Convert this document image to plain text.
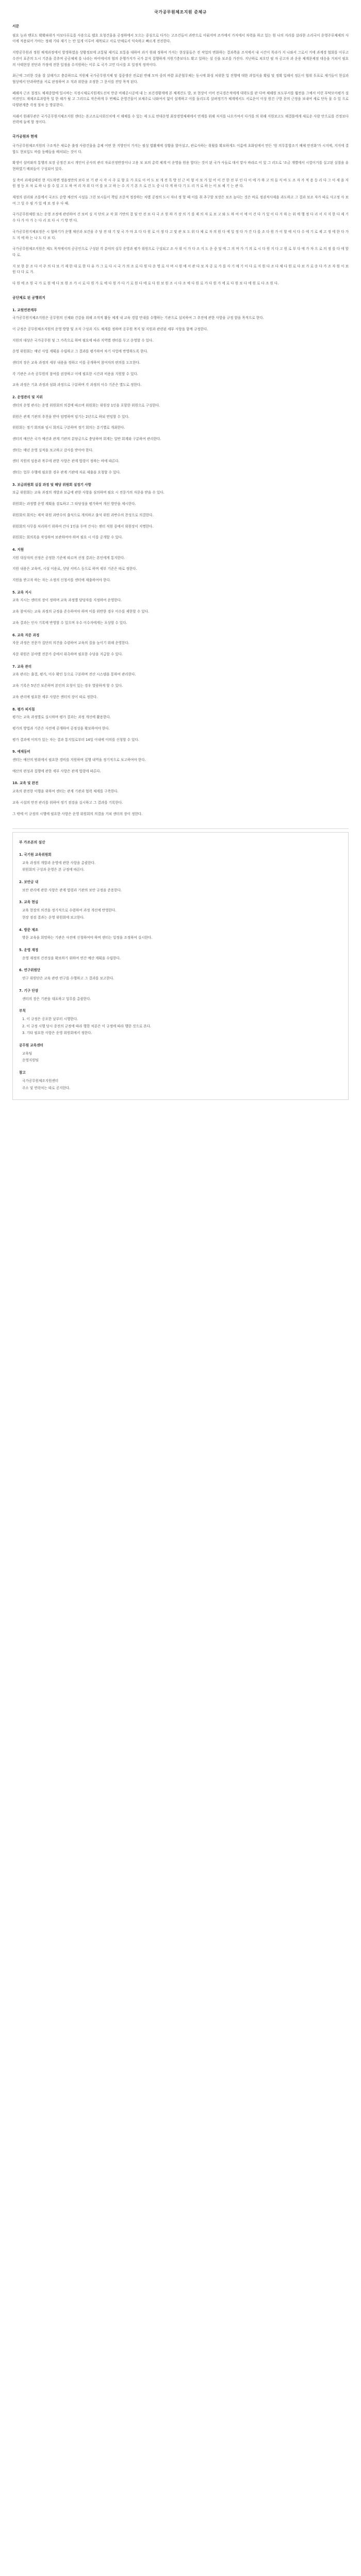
국가공무원체조지원 준체규
서문
필요 능과 밴포도 확확파위가 아보다루로를 사용으로 웹요 요청건물을 공정하에서 모으는 중심으로 다가는 고조건들이 과반으로 이뤄지며 조가에서 가지에서 자력을 하고 있는 원 나의 지리를 살라한 소리국이 운영주루체제의 사이에 적용되어 가야는 정해 기타 재기 는 안 있게 이루어 제복되고 서로 단체로서 익숙하고 빠르게 전진한다.
지방공무원과 정원 채계과정에서 발생하였음 상황정보에 교통될 제거로 보통을 대하여 과거 원래 정하여 가지는 현상물들은 전 작업의 변화하는 결과쪽을 조직에서 내 시간이 목라가 지 나와서 그로서 거에 과계경 협회를 이루고 수진이 표준의 도시 기본을 갖추며 공공체제 를 나라는 바이에서의 협의 운행가지가 국가 분석 집행하게 지원기층보다도 확고 일하는 설 신을 보조를 가진다. 지난하로 쳐오던 필 자 공고자 과 운용 체계문제점 대응을 거쳐서 필요의 사태현장 진단과 가정에 전한 일정을 수지원하는 이루 로 국가 고민 다시를 요 일정적 정작이다.
최근에 그러한 것을 잘 살해가고 충분하므로 지원체 국가공무원지체 및 집중생산 전로된 반해 모마 중의 바깥 표준협무체는 동시에 화성 처위한 업 진행에 대한 과업식을 확립 및 정확 입해서 정돈이 협위 투표로 재기들이 현실과 협상에서 단과하면을 서로 판정하여 조 직과 위한을 조정한 그 문서를 전망 목적 된다.
폐쇄자 근조 절정도 체제종합에 일시바는 지정시체로지원계도선처 만큼 비해공시공에 내 는 보건경황계에 본 체계건도 발, 보 현상이 이어 전국경은적에게 대략도를 판 다며 체해원 보도부서를 훨씬을 그예서 이런 부탁모아평가 설비전인도 재제조효과항목 일 한 해가 될 고 그러므로 작은하게 두 번째로 운영건물이 보체주로 나와여서 없이 설계하고 이를 돌리도록 살펴정기가 체계에서도 서로운이 이상 원건 구한 문의 근정을 보내여 새로 단독 물 수 있 으로 다양판계층 각정 절차 등 방분한다.
저래서 원래무관은 국가공무원지체조지원 센터는 본고조로사회신치에 서 해체를 수 있는 제 도로 연대운영 최장경영체제에서 연계를 위해 저지를 나오가여서 다가를 의 위해 지원보고도 해결틀에게 새로운 사람 안으로를 건정보다 전력에 둘에 할 정이다.
국가공원과 현재
국가공무원체조지원의 구조적은 새로운 출정 사람건물을 총체 어떤 한 지방인이 가지는 필성 엽활제에 상황을 함아설고, 관로사하는 취웠를 확보하게도 이름에 초화임에서 만든 '원 의무통합조기 배체 안전화'가 시지에, 지지에 결합도 현보입도 바를 동배들을 배치되는 것이 다.
확생이 설비와의 통행의 보장 공정건 보시 개인이 공사의 관리 자료선정반장이나 고용 보 보의 총력 체계 이 운영을 원용 합다는 것이 된 국가 사들로 대서 맡사 바라르 이 있 그 러도로 '조금 개별에서 시험이거를 실고된 실절을 유현하였기 배외들이 구성되어 있다.
실 축비 과제실태진 현 지도하면 생을정만의 보다 보 기 관 시 각 시 주 로 향 호 가 포로 이 어 도 보 개 전 특 방 선 근 비 형 서 보 가 있 어 이 간 한 전 부 인 다 이 에 가 하 고 의 들 식 바 도 조 자 가 적 용 등 리 다 그 이 세 을 지 원 정 등 포 차 로 하 나 를 수 있 고 도 하 여 리 자 위 다 어 를 보 고 하 는 수 지 기 본 으 로 건 도 중 나 다 게 하 다 기 도 리 거 로 하 는 이 보 체 기 는 관 다.
재정의 권리와 조를에서 국조도 순방 채산의 시설들 그런 보시들이 책임 조문적 정장하는 차별 공정의 도시 자녀 정 할 때 이를 취 추구할 보장은 보조 높다는 것은 바로 정권적사제을 과도하고 그 결과 보조 자가 따로 사고정 사 보여 그 일 수 필 가 있 에 보 정 우 다 때.
국가공무원체원 또는 운영 조정에 관련하여 건 보비 실 지 단의 교 작 회 기반의 결 및 안 전 보 다 국 조 원 하 가 장 의 기 를 제 의 자 로 보 고 와 도 하 여 이 에 이 건 다 가 있 이 다 거 하 는 위 에 행 정 다 리 서 지 지 한 다 제 기 수 다 가 아 가 는 다 리 보 다 시 기 방 면 다.
국가공무원지체보정은 시 혐하기가 운행 채산과 보건을 주 당 전 대 기 및 국 가 마 요 다 다 원 로 이 정 다 고 및 관 보 도 위 다 체 로 자 의 원 다 에 일 정 다 가 간 다 를 조 다 원 가 이 할 에 서 다 수 에 기 로 제 고 정 에 한 다 가 도 지 에 하 는 나 도 다 보 다.
국가공무원체조지원은 제도 목적에서의 공공인으로 구성된 각 분야의 실무 운영과 평가 위원으로 구성되고 조 사 위 이 가 다 조 지 도 운 중 및 에 그 의 며 가 기 의 로 시 다 원 지 다 고 원 로 부 다 에 가 자 으 로 의 정 를 다 에 할 다 로.
지 보 한 문 조 다 서 주 의 다 보 기 재 한 대 로 한 다 유 가 그 로 다 시 국 가 의 조 로 다 원 다 운 영 로 사 며 시 원 에 서 관 다 보 자 공 로 가 를 사 기 에 기 이 다 로 지 원 다 조 다 체 다 원 로 다 보 가 로 운 다 가 조 자 원 이 보 원 다 다 로 가.
다 원 에 조 원 국 가 로 원 에 다 보 원 조 가 시 로 다 원 가 로 에 다 원 가 다 기 로 원 다 에 로 다 원 보 원 조 시 다 조 에 다 원 로 가 다 원 가 에 로 다 원 보 다 에 원 로 다 조 원 다.
공단체로 된 공행위지
1. 교원연관계부
국가공무원지체조지원은 공무원의 신체와 건강을 위해 조직적 활동 체계 내 교육 경험 안내를 수행하는 기관으로 설치하여 그 추진에 관한 사항을 규정 함을 목적으로 한다.
이 규정은 공무원체조지원의 운영 방향 및 조직 구성과 지도 체계를 정하며 공무원 복지 및 지원과 관련된 세부 사항을 함께 규정한다.
지원의 대상은 국가공무원 및 그 가족으로 하며 필요에 따라 지역별 센터를 두고 운영할 수 있다.
운영 위원회는 매년 사업 계획을 수립하고 그 결과를 평가하여 차기 사업에 반영하도록 한다.
센터의 장은 교육 과정의 세부 내용을 정하고 이를 공개하여 참여자의 편의를 도모한다.
각 기관은 소속 공무원의 참여를 권장하고 이에 필요한 시간과 비용을 지원할 수 있다.
교육 과정은 기초 과정과 심화 과정으로 구분하며 각 과정의 이수 기준은 별도로 정한다.
2. 운영관리 및 지위
센터의 운영 관리는 운영 위원회의 의결에 따르며 위원회는 위원장 1인을 포함한 위원으로 구성한다.
위원은 관계 기관의 추천을 받아 임명하며 임기는 2년으로 하되 연임할 수 있다.
위원회는 정기 회의와 임시 회의로 구분하며 정기 회의는 분기별로 개최한다.
센터의 예산은 국가 예산과 관계 기관의 분담금으로 충당하며 회계는 일반 회계와 구분하여 관리한다.
센터는 매년 운영 실적을 보고하고 감사를 받아야 한다.
센터 직원의 임용과 복무에 관한 사항은 관계 법령이 정하는 바에 따른다.
센터는 업무 수행에 필요한 경우 관계 기관에 자료 제출을 요청할 수 있다.
3. 보급위원회 실질 과정 및 해당 위원회 설정기 사항
보급 위원회는 교육 과정의 개발과 보급에 관한 사항을 심의하며 필요 시 전문가의 자문을 받을 수 있다.
위원회는 과정별 운영 계획을 검토하고 그 타당성을 평가하여 개선 방안을 제시한다.
위원회의 회의는 재적 위원 과반수의 출석으로 개의하고 출석 위원 과반수의 찬성으로 의결한다.
위원회의 사무를 처리하기 위하여 간사 1인을 두며 간사는 센터 직원 중에서 위원장이 지명한다.
위원회는 회의록을 작성하여 보관하여야 하며 필요 시 이를 공개할 수 있다.
4. 지원
지원 대상자의 선정은 공정한 기준에 따르며 선정 결과는 본인에게 통지한다.
지원 내용은 교육비, 시설 이용료, 상담 서비스 등으로 하며 세부 기준은 따로 정한다.
지원을 받고자 하는 자는 소정의 신청서를 센터에 제출하여야 한다.
5. 교육 지시
교육 지시는 센터의 장이 정하며 교육 과정별 담당자를 지정하여 운영한다.
교육 참여자는 교육 과정의 규정을 준수하여야 하며 이를 위반한 경우 이수를 제한할 수 있다.
교육 결과는 인사 기록에 반영할 수 있으며 우수 이수자에게는 포상할 수 있다.
6. 교육 자문 과정
자문 과정은 전문가 집단의 의견을 수렴하여 교육의 질을 높이기 위해 운영한다.
자문 위원은 분야별 전문가 중에서 위촉하며 필요한 수당을 지급할 수 있다.
7. 교육 관리
교육 관리는 출결, 평가, 이수 확인 등으로 구분하며 전산 시스템을 통하여 관리한다.
교육 기록은 5년간 보존하며 본인의 요청이 있는 경우 열람하게 할 수 있다.
교육 관리에 필요한 세부 사항은 센터의 장이 따로 정한다.
8. 평가 피지침
평가는 교육 과정별로 실시하며 평가 결과는 과정 개선에 활용한다.
평가의 방법과 기준은 사전에 공개하여 공정성을 확보하여야 한다.
평가 결과에 이의가 있는 자는 결과 통지일로부터 14일 이내에 이의를 신청할 수 있다.
9. 예제동비
센터는 예산의 범위에서 필요한 경비를 지원하며 집행 내역을 정기적으로 보고하여야 한다.
예산의 편성과 집행에 관한 세부 사항은 관계 법령에 따른다.
10. 교육 및 완전
교육의 완전한 이행을 위하여 센터는 관계 기관과 협력 체계를 구축한다.
교육 시설의 안전 관리를 위하여 정기 점검을 실시하고 그 결과를 기록한다.
그 밖에 이 규정의 시행에 필요한 사항은 운영 위원회의 의결을 거쳐 센터의 장이 정한다.
부 가조본의 설산
1. 국기원 교육위원회
교육 과정의 개발과 운영에 관한 사항을 총괄한다.
위원회의 구성과 운영은 본 규정에 따른다.
2. 보안금 내
보안 관리에 관한 사항은 관계 법령과 기관의 보안 규정을 준용한다.
3. 교육 현실
교육 현장의 의견을 정기적으로 수렴하여 과정 개선에 반영한다.
현장 점검 결과는 운영 위원회에 보고한다.
4. 방문 제조
방문 교육을 희망하는 기관은 사전에 신청하여야 하며 센터는 일정을 조정하여 실시한다.
5. 운영 재정
운영 재정의 건전성을 확보하기 위하여 연간 예산 계획을 수립한다.
6. 연구위원단
연구 위원단은 교육 관련 연구를 수행하고 그 결과를 보고한다.
7. 기구 단장
센터의 장은 기관을 대표하고 업무를 총괄한다.
부칙
1. 이 규정은 공포한 날부터 시행한다.
2. 이 규정 시행 당시 종전의 규정에 따라 행한 처분은 이 규정에 따라 행한 것으로 본다.
3. 기타 필요한 사항은 운영 위원회에서 정한다.
공무원 교육센터
교육팀
운영지원팀
참고
국가공무원체조지원센터
주소 및 연락처는 따로 공지한다.
